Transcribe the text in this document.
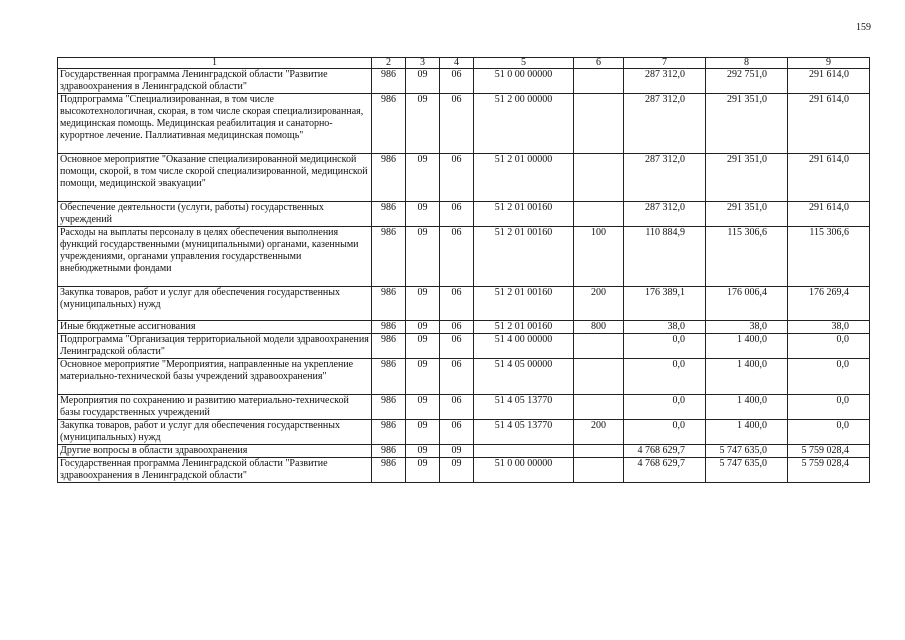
159
1	2	3	4	5	6	7	8	9
Государственная программа Ленинградской области "Развитие здравоохранения в Ленинградской области"	986	09	06	51 0 00 00000		287 312,0	292 751,0	291 614,0
Подпрограмма "Специализированная, в том числе высокотехнологичная, скорая, в том числе скорая специализированная, медицинская помощь. Медицинская реабилитация и санаторно-курортное лечение. Паллиативная медицинская помощь"	986	09	06	51 2 00 00000		287 312,0	291 351,0	291 614,0
Основное мероприятие "Оказание специализированной медицинской помощи, скорой, в том числе скорой специализированной, медицинской помощи, медицинской эвакуации"	986	09	06	51 2 01 00000		287 312,0	291 351,0	291 614,0
Обеспечение деятельности (услуги, работы) государственных учреждений	986	09	06	51 2 01 00160		287 312,0	291 351,0	291 614,0
Расходы на выплаты персоналу в целях обеспечения выполнения функций государственными (муниципальными) органами, казенными учреждениями, органами управления государственными внебюджетными фондами	986	09	06	51 2 01 00160	100	110 884,9	115 306,6	115 306,6
Закупка товаров, работ и услуг для обеспечения государственных (муниципальных) нужд	986	09	06	51 2 01 00160	200	176 389,1	176 006,4	176 269,4
Иные бюджетные ассигнования	986	09	06	51 2 01 00160	800	38,0	38,0	38,0
Подпрограмма "Организация территориальной модели здравоохранения Ленинградской области"	986	09	06	51 4 00 00000		0,0	1 400,0	0,0
Основное мероприятие "Мероприятия, направленные на укрепление материально-технической базы учреждений здравоохранения"	986	09	06	51 4 05 00000		0,0	1 400,0	0,0
Мероприятия по сохранению и развитию материально-технической базы государственных учреждений	986	09	06	51 4 05 13770		0,0	1 400,0	0,0
Закупка товаров, работ и услуг для обеспечения государственных (муниципальных) нужд	986	09	06	51 4 05 13770	200	0,0	1 400,0	0,0
Другие вопросы в области здравоохранения	986	09	09			4 768 629,7	5 747 635,0	5 759 028,4
Государственная программа Ленинградской области "Развитие здравоохранения в Ленинградской области"	986	09	09	51 0 00 00000		4 768 629,7	5 747 635,0	5 759 028,4
